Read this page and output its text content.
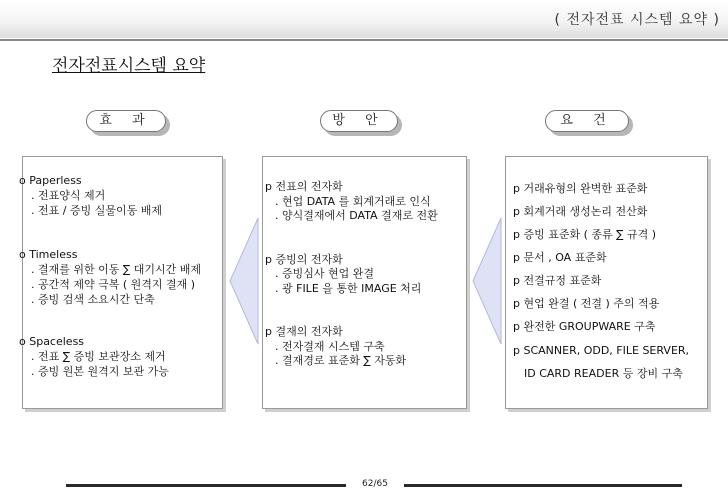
( 전자전표 시스템 요약 )
전자전표시스템 요약
효 과	방 안	요 건
o Paperless
. 전표양식 제거
. 전표 / 증빙 실물이동 배제
o Timeless
. 결재를 위한 이동 ∑ 대기시간 배제
. 공간적 제약 극복 ( 원격지 결재 )
. 증빙 검색 소요시간 단축
o Spaceless
. 전표 ∑ 증빙 보관장소 제거
. 증빙 원본 원격지 보관 가능
p 전표의 전자화
. 현업 DATA 를 회계거래로 인식
. 양식결재에서 DATA 결재로 전환
p 증빙의 전자화
. 증빙심사 현업 완결
. 광 FILE 을 통한 IMAGE 처리
p 결재의 전자화
. 전자결재 시스템 구축
. 결재경로 표준화 ∑ 자동화
p 거래유형의 완벽한 표준화
p 회계거래 생성논리 전산화
p 증빙 표준화 ( 종류 ∑ 규격 )
p 문서 , OA 표준화
p 전결규정 표준화
p 현업 완결 ( 전결 ) 주의 적용
p 완전한 GROUPWARE 구축
p SCANNER, ODD, FILE SERVER,
ID CARD READER 등 장비 구축
62/65
